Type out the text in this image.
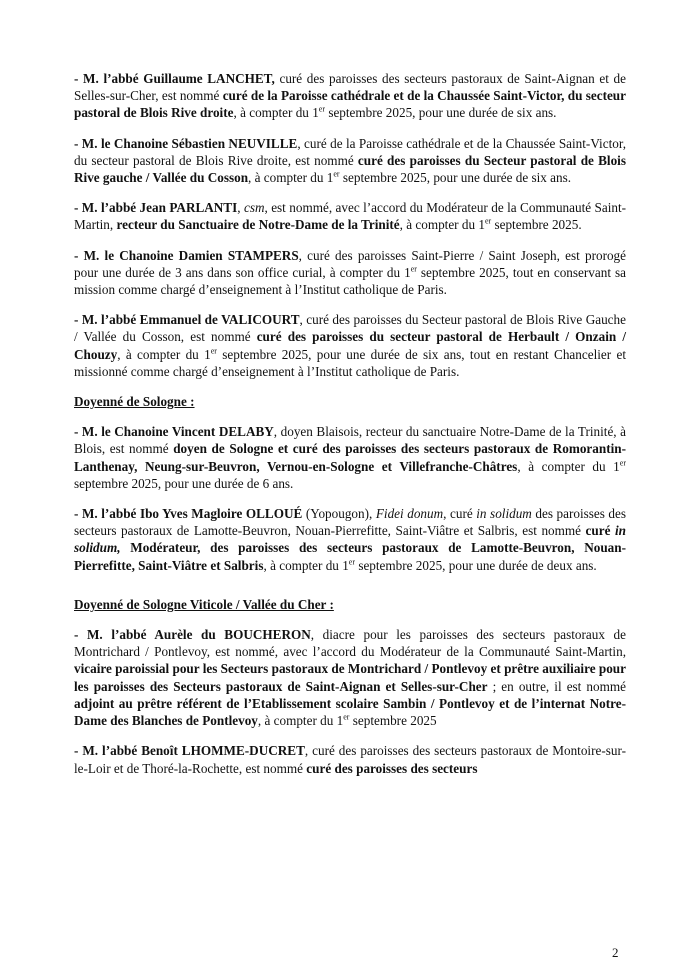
- M. l’abbé Guillaume LANCHET, curé des paroisses des secteurs pastoraux de Saint-Aignan et de Selles-sur-Cher, est nommé curé de la Paroisse cathédrale et de la Chaussée Saint-Victor, du secteur pastoral de Blois Rive droite, à compter du 1er septembre 2025, pour une durée de six ans.

- M. le Chanoine Sébastien NEUVILLE, curé de la Paroisse cathédrale et de la Chaussée Saint-Victor, du secteur pastoral de Blois Rive droite, est nommé curé des paroisses du Secteur pastoral de Blois Rive gauche / Vallée du Cosson, à compter du 1er septembre 2025, pour une durée de six ans.

- M. l’abbé Jean PARLANTI, csm, est nommé, avec l’accord du Modérateur de la Communauté Saint-Martin, recteur du Sanctuaire de Notre-Dame de la Trinité, à compter du 1er septembre 2025.

- M. le Chanoine Damien STAMPERS, curé des paroisses Saint-Pierre / Saint Joseph, est prorogé pour une durée de 3 ans dans son office curial, à compter du 1er septembre 2025, tout en conservant sa mission comme chargé d’enseignement à l’Institut catholique de Paris.

- M. l’abbé Emmanuel de VALICOURT, curé des paroisses du Secteur pastoral de Blois Rive Gauche / Vallée du Cosson, est nommé curé des paroisses du secteur pastoral de Herbault / Onzain / Chouzy, à compter du 1er septembre 2025, pour une durée de six ans, tout en restant Chancelier et missionné comme chargé d’enseignement à l’Institut catholique de Paris.

Doyenné de Sologne :

- M. le Chanoine Vincent DELABY, doyen Blaisois, recteur du sanctuaire Notre-Dame de la Trinité, à Blois, est nommé doyen de Sologne et curé des paroisses des secteurs pastoraux de Romorantin-Lanthenay, Neung-sur-Beuvron, Vernou-en-Sologne et Villefranche-Châtres, à compter du 1er septembre 2025, pour une durée de 6 ans.

- M. l’abbé Ibo Yves Magloire OLLOUÉ (Yopougon), Fidei donum, curé in solidum des paroisses des secteurs pastoraux de Lamotte-Beuvron, Nouan-Pierrefitte, Saint-Viâtre et Salbris, est nommé curé in solidum, Modérateur, des paroisses des secteurs pastoraux de Lamotte-Beuvron, Nouan-Pierrefitte, Saint-Viâtre et Salbris, à compter du 1er septembre 2025, pour une durée de deux ans.

Doyenné de Sologne Viticole / Vallée du Cher :

- M. l’abbé Aurèle du BOUCHERON, diacre pour les paroisses des secteurs pastoraux de Montrichard / Pontlevoy, est nommé, avec l’accord du Modérateur de la Communauté Saint-Martin, vicaire paroissial pour les Secteurs pastoraux de Montrichard / Pontlevoy et prêtre auxiliaire pour les paroisses des Secteurs pastoraux de Saint-Aignan et Selles-sur-Cher ; en outre, il est nommé adjoint au prêtre référent de l’Etablissement scolaire Sambin / Pontlevoy et de l’internat Notre-Dame des Blanches de Pontlevoy, à compter du 1er septembre 2025

- M. l’abbé Benoît LHOMME-DUCRET, curé des paroisses des secteurs pastoraux de Montoire-sur-le-Loir et de Thoré-la-Rochette, est nommé curé des paroisses des secteurs

2
